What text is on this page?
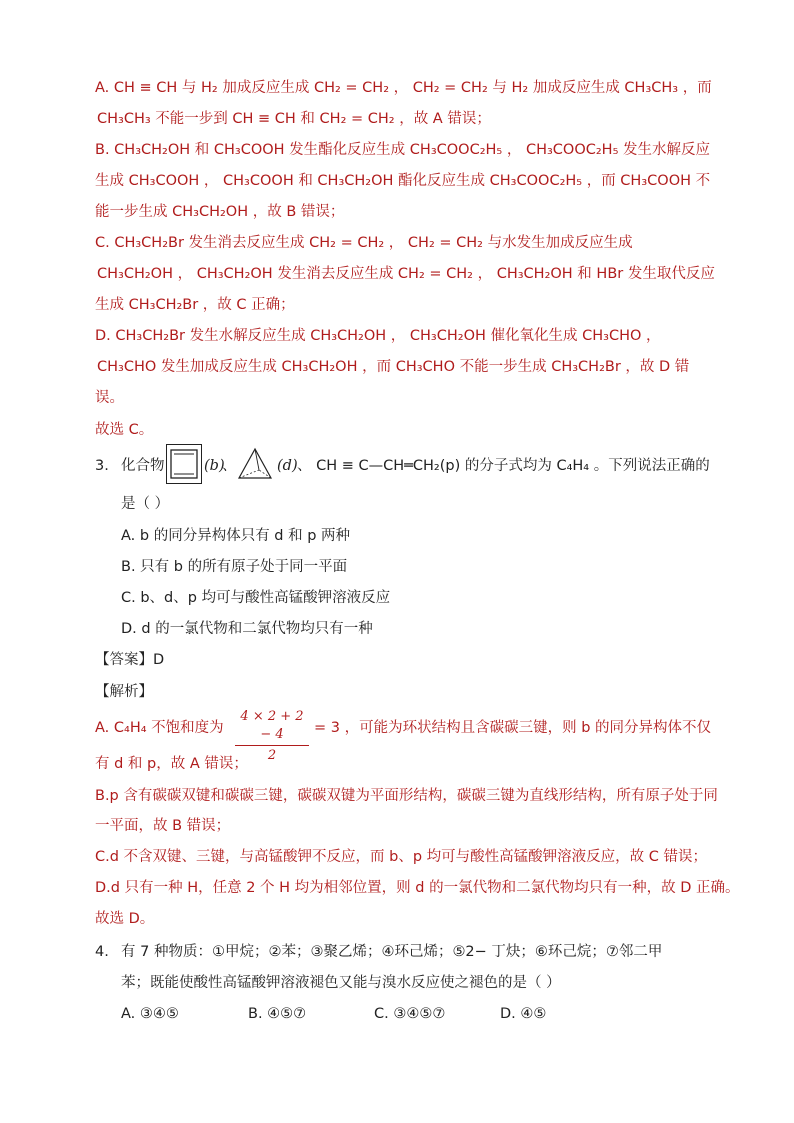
A. CH ≡ CH 与 H₂ 加成反应生成 CH₂ = CH₂ ， CH₂ = CH₂ 与 H₂ 加成反应生成 CH₃CH₃ ，而
CH₃CH₃ 不能一步到 CH ≡ CH 和 CH₂ = CH₂ ，故 A 错误；
B. CH₃CH₂OH 和 CH₃COOH 发生酯化反应生成 CH₃COOC₂H₅ ， CH₃COOC₂H₅ 发生水解反应
生成 CH₃COOH ， CH₃COOH 和 CH₃CH₂OH 酯化反应生成 CH₃COOC₂H₅ ，而 CH₃COOH 不
能一步生成 CH₃CH₂OH ，故 B 错误；
C. CH₃CH₂Br 发生消去反应生成 CH₂ = CH₂ ， CH₂ = CH₂ 与水发生加成反应生成
CH₃CH₂OH ， CH₃CH₂OH 发生消去反应生成 CH₂ = CH₂ ， CH₃CH₂OH 和 HBr 发生取代反应
生成 CH₃CH₂Br ，故 C 正确；
D. CH₃CH₂Br 发生水解反应生成 CH₃CH₂OH ， CH₃CH₂OH 催化氧化生成 CH₃CHO ，
CH₃CHO 发生加成反应生成 CH₃CH₂OH ，而 CH₃CHO 不能一步生成 CH₃CH₂Br ，故 D 错
误。
故选 C。
3. 化合物	(b)
、	(d) 、 CH ≡ C—CH═CH₂(p) 的分子式均为 C₄H₄ 。下列说法正确的
是（ ）
A. b 的同分异构体只有 d 和 p 两种
B. 只有 b 的所有原子处于同一平面
C. b、d、p 均可与酸性高锰酸钾溶液反应
D. d 的一氯代物和二氯代物均只有一种
【答案】D
【解析】
A. C₄H₄ 不饱和度为
4 × 2 + 2 − 4
2
= 3 ，可能为环状结构且含碳碳三键，则 b 的同分异构体不仅
有 d 和 p，故 A 错误；
B.p 含有碳碳双键和碳碳三键，碳碳双键为平面形结构，碳碳三键为直线形结构，所有原子处于同
一平面，故 B 错误；
C.d 不含双键、三键，与高锰酸钾不反应，而 b、p 均可与酸性高锰酸钾溶液反应，故 C 错误；
D.d 只有一种 H，任意 2 个 H 均为相邻位置，则 d 的一氯代物和二氯代物均只有一种，故 D 正确。
故选 D。
4. 有 7 种物质：①甲烷；②苯；③聚乙烯；④环己烯；⑤2− 丁炔；⑥环己烷；⑦邻二甲
苯；既能使酸性高锰酸钾溶液褪色又能与溴水反应使之褪色的是（ ）
A. ③④⑤	B. ④⑤⑦	C. ③④⑤⑦	D. ④⑤
